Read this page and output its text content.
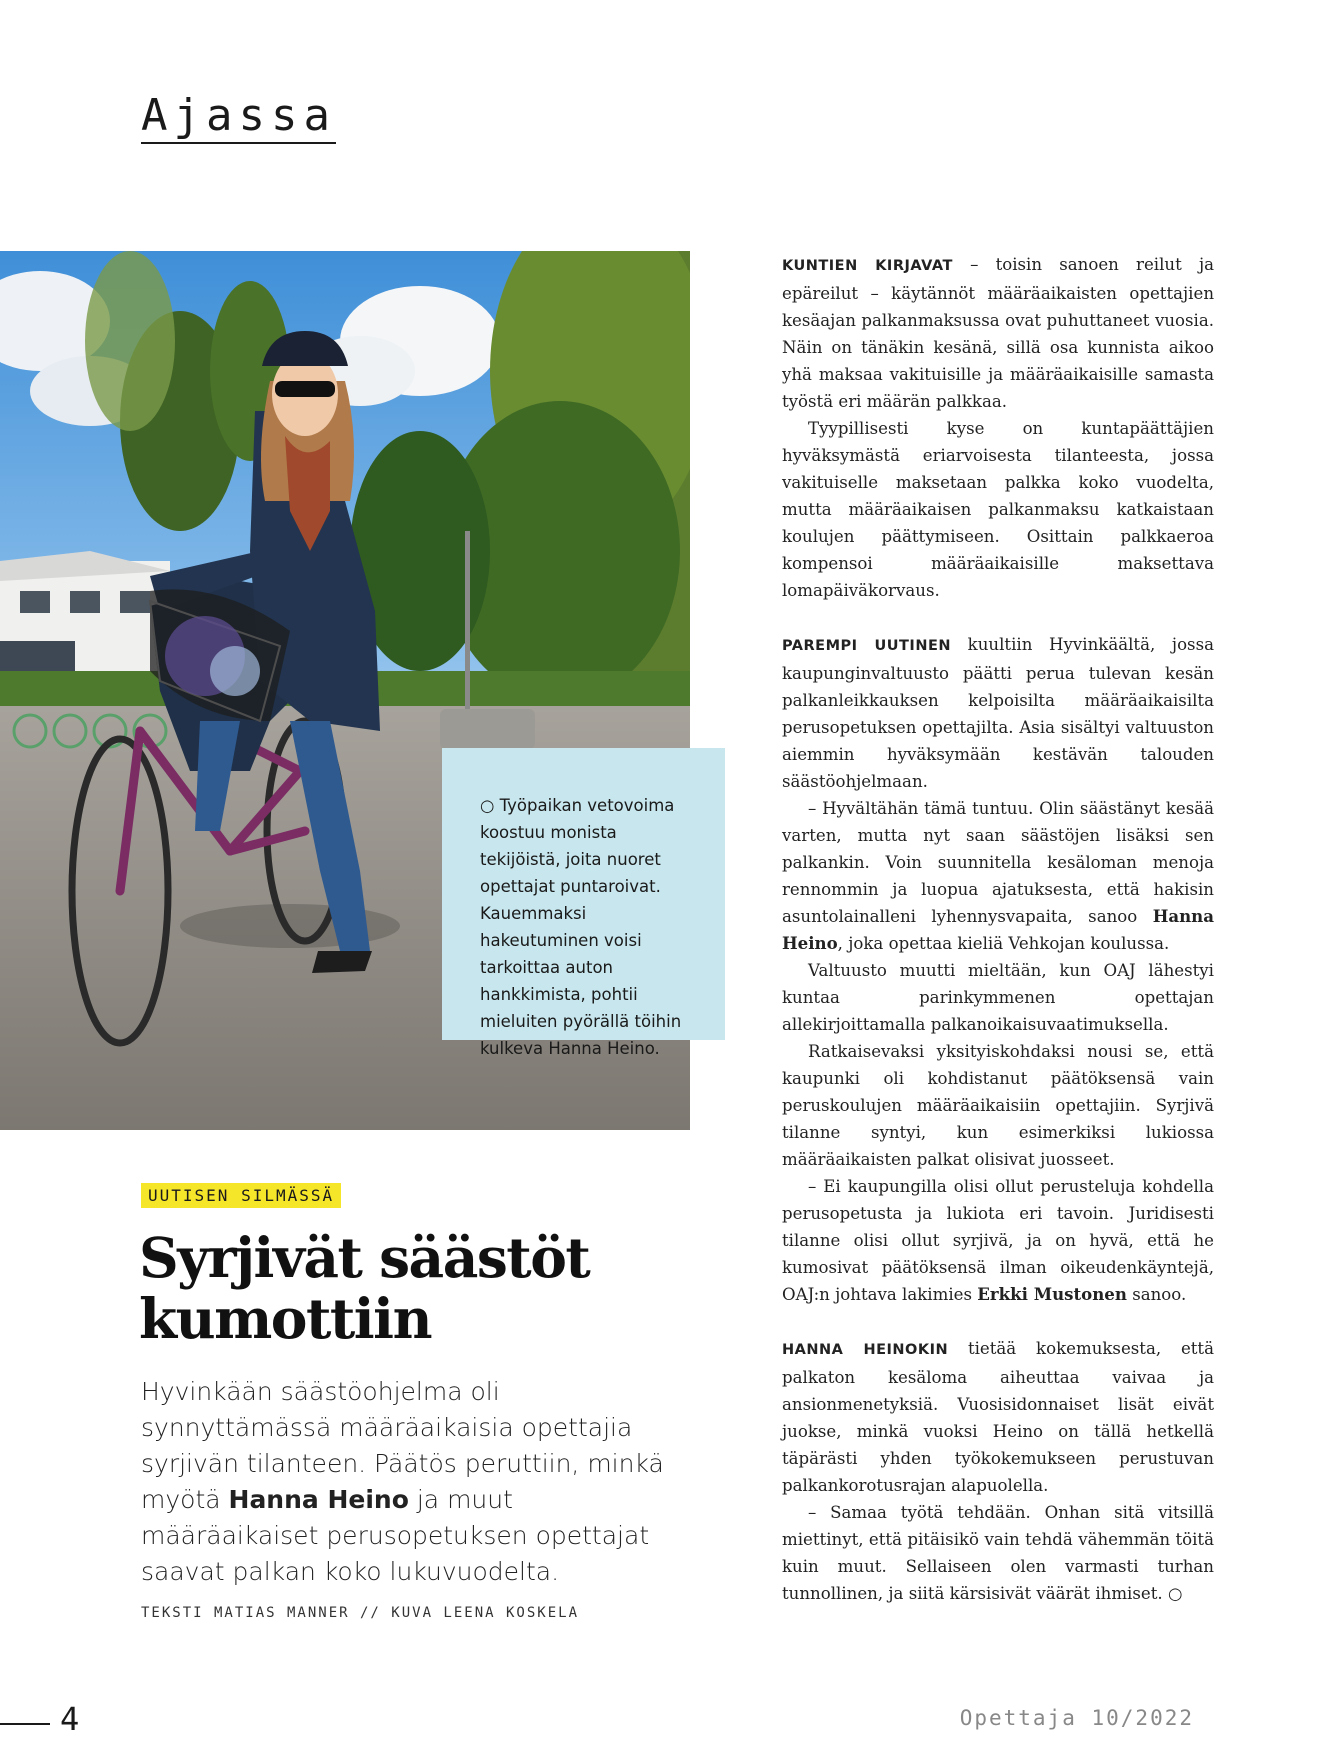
Ajassa

○ Työpaikan vetovoima koostuu monista tekijöistä, joita nuoret opettajat puntaroivat. Kauemmaksi hakeutuminen voisi tarkoittaa auton hankkimista, pohtii mieluiten pyörällä töihin kulkeva Hanna Heino.

UUTISEN SILMÄSSÄ
Syrjivät säästöt kumottiin

Hyvinkään säästöohjelma oli synnyttämässä määräaikaisia opettajia syrjivän tilanteen. Päätös peruttiin, minkä myötä Hanna Heino ja muut määräaikaiset perusopetuksen opettajat saavat palkan koko lukuvuodelta.

TEKSTI MATIAS MANNER // KUVA LEENA KOSKELA

KUNTIEN KIRJAVAT – toisin sanoen reilut ja epäreilut – käytännöt määräaikaisten opettajien kesäajan palkanmaksussa ovat puhuttaneet vuosia. Näin on tänäkin kesänä, sillä osa kunnista aikoo yhä maksaa vakituisille ja määräaikaisille samasta työstä eri määrän palkkaa.

Tyypillisesti kyse on kuntapäättäjien hyväksymästä eriarvoisesta tilanteesta, jossa vakituiselle maksetaan palkka koko vuodelta, mutta määräaikaisen palkanmaksu katkaistaan koulujen päättymiseen. Osittain palkkaeroa kompensoi määräaikaisille maksettava lomapäiväkorvaus.

PAREMPI UUTINEN kuultiin Hyvinkäältä, jossa kaupunginvaltuusto päätti perua tulevan kesän palkanleikkauksen kelpoisilta määräaikaisilta perusopetuksen opettajilta. Asia sisältyi valtuuston aiemmin hyväksymään kestävän talouden säästöohjelmaan.

– Hyvältähän tämä tuntuu. Olin säästänyt kesää varten, mutta nyt saan säästöjen lisäksi sen palkankin. Voin suunnitella kesäloman menoja rennommin ja luopua ajatuksesta, että hakisin asuntolainalleni lyhennysvapaita, sanoo Hanna Heino, joka opettaa kieliä Vehkojan koulussa.

Valtuusto muutti mieltään, kun OAJ lähestyi kuntaa parinkymmenen opettajan allekirjoittamalla palkanoikaisuvaatimuksella.

Ratkaisevaksi yksityiskohdaksi nousi se, että kaupunki oli kohdistanut päätöksensä vain peruskoulujen määräaikaisiin opettajiin. Syrjivä tilanne syntyi, kun esimerkiksi lukiossa määräaikaisten palkat olisivat juosseet.

– Ei kaupungilla olisi ollut perusteluja kohdella perusopetusta ja lukiota eri tavoin. Juridisesti tilanne olisi ollut syrjivä, ja on hyvä, että he kumosivat päätöksensä ilman oikeudenkäyntejä, OAJ:n johtava lakimies Erkki Mustonen sanoo.

HANNA HEINOKIN tietää kokemuksesta, että palkaton kesäloma aiheuttaa vaivaa ja ansionmenetyksiä. Vuosisidonnaiset lisät eivät juokse, minkä vuoksi Heino on tällä hetkellä täpärästi yhden työkokemukseen perustuvan palkankorotusrajan alapuolella.

– Samaa työtä tehdään. Onhan sitä vitsillä miettinyt, että pitäisikö vain tehdä vähemmän töitä kuin muut. Sellaiseen olen varmasti turhan tunnollinen, ja siitä kärsisivät väärät ihmiset. ○

4	Opettaja 10/2022
